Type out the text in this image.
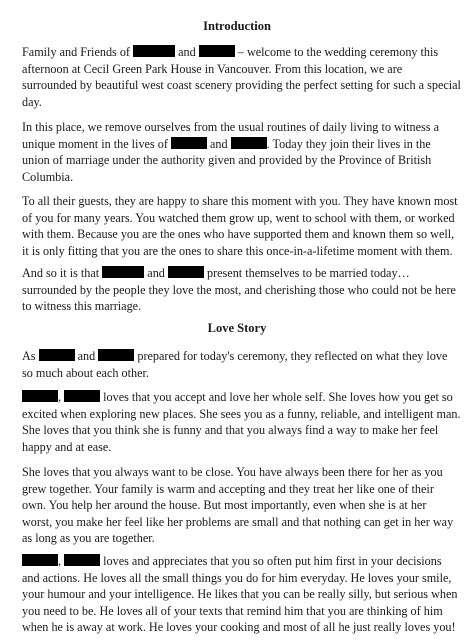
Introduction
Family and Friends of	and	– welcome to the wedding ceremony this
afternoon at Cecil Green Park House in Vancouver. From this location, we are
surrounded by beautiful west coast scenery providing the perfect setting for such a special
day.
In this place, we remove ourselves from the usual routines of daily living to witness a
unique moment in the lives of	and	. Today they join their lives in the
union of marriage under the authority given and provided by the Province of British
Columbia.
To all their guests, they are happy to share this moment with you. They have known most
of you for many years. You watched them grow up, went to school with them, or worked
with them. Because you are the ones who have supported them and known them so well,
it is only fitting that you are the ones to share this once-in-a-lifetime moment with them.
And so it is that	and	present themselves to be married today…
surrounded by the people they love the most, and cherishing those who could not be here
to witness this marriage.
Love Story
As	and	prepared for today's ceremony, they reflected on what they love
so much about each other.
,	loves that you accept and love her whole self. She loves how you get so
excited when exploring new places. She sees you as a funny, reliable, and intelligent man.
She loves that you think she is funny and that you always find a way to make her feel
happy and at ease.
She loves that you always want to be close. You have always been there for her as you
grew together. Your family is warm and accepting and they treat her like one of their
own. You help her around the house. But most importantly, even when she is at her
worst, you make her feel like her problems are small and that nothing can get in her way
as long as you are together.
,	loves and appreciates that you so often put him first in your decisions
and actions. He loves all the small things you do for him everyday. He loves your smile,
your humour and your intelligence. He likes that you can be really silly, but serious when
you need to be. He loves all of your texts that remind him that you are thinking of him
when he is away at work. He loves your cooking and most of all he just really loves you!
